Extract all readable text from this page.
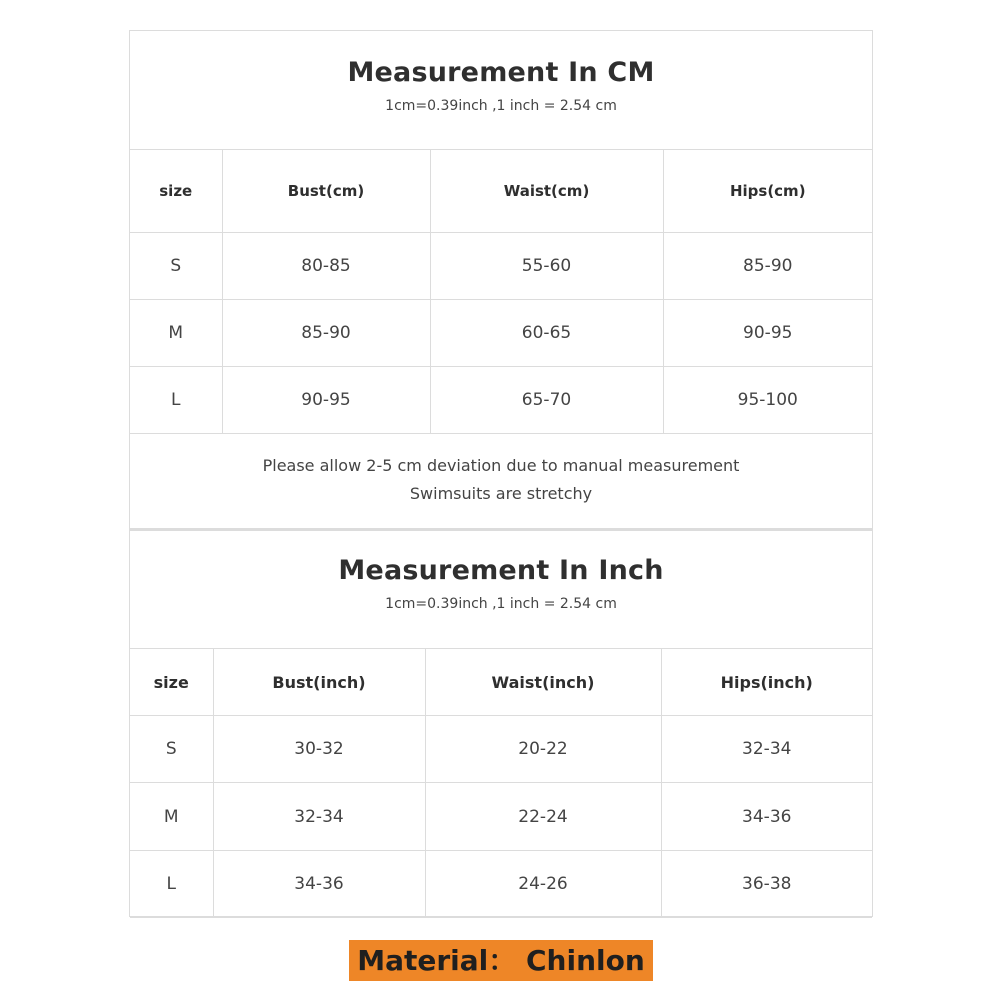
Measurement In CM
1cm=0.39inch ,1 inch = 2.54 cm
size	Bust(cm)	Waist(cm)	Hips(cm)
S	80-85	55-60	85-90
M	85-90	60-65	90-95
L	90-95	65-70	95-100
Please allow 2-5 cm deviation due to manual measurement
Swimsuits are stretchy
Measurement In Inch
1cm=0.39inch ,1 inch = 2.54 cm
size	Bust(inch)	Waist(inch)	Hips(inch)
S	30-32	20-22	32-34
M	32-34	22-24	34-36
L	34-36	24-26	36-38
Material： Chinlon
